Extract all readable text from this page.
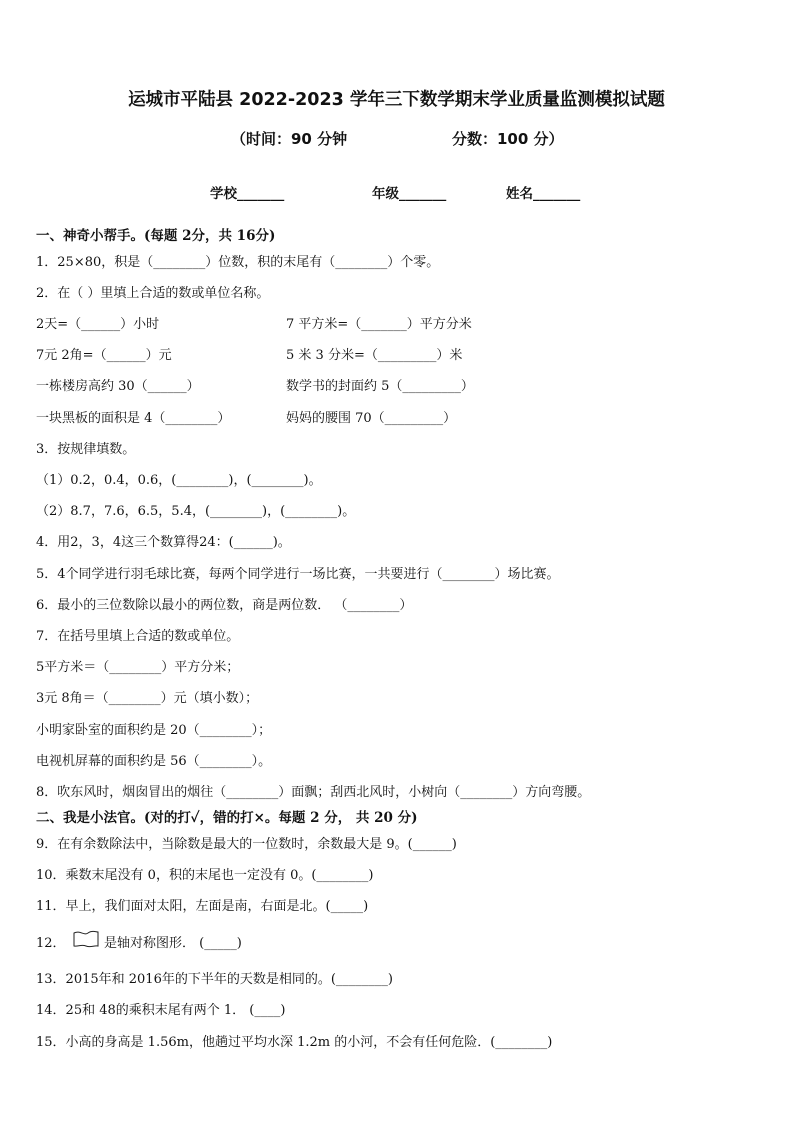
运城市平陆县 2022-2023 学年三下数学期末学业质量监测模拟试题
（时间：90 分钟	分数：100 分）
学校_______	年级_______	姓名_______
一、神奇小帮手。(每题 2分，共 16分)
1．25×80，积是（________）位数，积的末尾有（________）个零。
2．在（ ）里填上合适的数或单位名称。
2天=（______）小时	7 平方米=（_______）平方分米
7元 2角=（______）元	5 米 3 分米=（_________）米
一栋楼房高约 30（______）	数学书的封面约 5（_________）
一块黑板的面积是 4（________）	妈妈的腰围 70（_________）
3．按规律填数。
（1）0.2，0.4，0.6，(________)，(________)。
（2）8.7，7.6，6.5，5.4，(________)，(________)。
4．用2，3，4这三个数算得24：(______)。
5．4个同学进行羽毛球比赛，每两个同学进行一场比赛，一共要进行（________）场比赛。
6．最小的三位数除以最小的两位数，商是两位数． （________）
7．在括号里填上合适的数或单位。
5平方米＝（________）平方分米；
3元 8角＝（________）元（填小数）；
小明家卧室的面积约是 20（________）；
电视机屏幕的面积约是 56（________）。
8．吹东风时，烟囱冒出的烟往（________）面飘；刮西北风时，小树向（________）方向弯腰。
二、我是小法官。(对的打✓，错的打×。每题 2 分， 共 20 分)
9．在有余数除法中，当除数是最大的一位数时，余数最大是 9。(______)
10．乘数末尾没有 0，积的末尾也一定没有 0。(________)
11．早上，我们面对太阳，左面是南，右面是北。(_____)
12．	是轴对称图形． (_____)
13．2015年和 2016年的下半年的天数是相同的。(________)
14．25和 48的乘积末尾有两个 1． (____)
15．小高的身高是 1.56m，他趟过平均水深 1.2m 的小河，不会有任何危险．(________)
